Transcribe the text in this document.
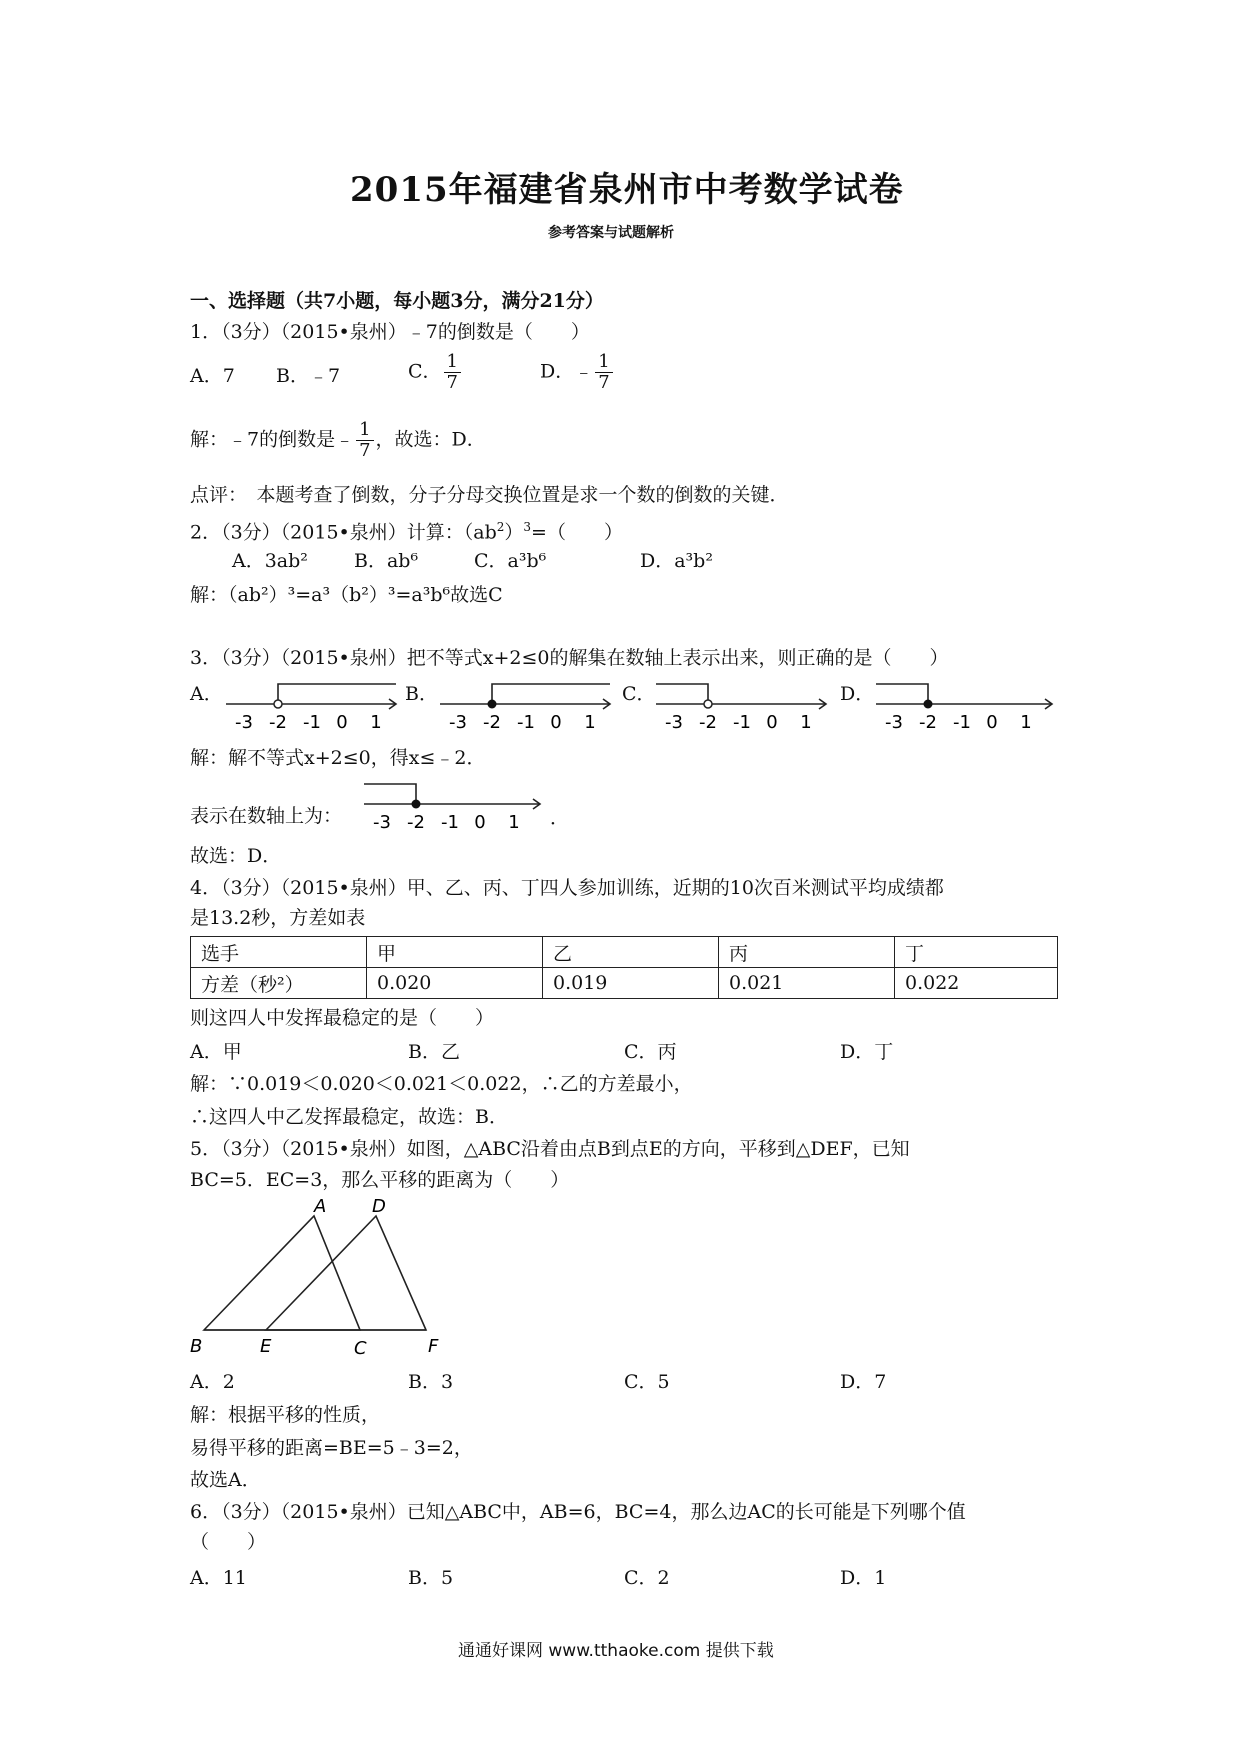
2015年福建省泉州市中考数学试卷
参考答案与试题解析
一、选择题（共7小题，每小题3分，满分21分）
1．（3分）（2015•泉州）﹣7的倒数是（　　）
A．7 B．﹣7	C． $\frac{1}{7}$	D．﹣ $\frac{1}{7}$
解：﹣7的倒数是﹣ $\frac{1}{7}$ ，故选：D．
点评：　本题考查了倒数，分子分母交换位置是求一个数的倒数的关键．
2．（3分）（2015•泉州）计算：$(ab^2)^3=$（　　）
A．3ab² B．ab⁶	C．a³b⁶	D．a³b²
解：（ab²）³=a³（b²）³=a³b⁶故选C
3．（3分）（2015•泉州）把不等式x+2≤0的解集在数轴上表示出来，则正确的是（　　）
A．	B．	C．	D．
-3 -2 -1 0 1	-3 -2 -1 0 1	-3 -2 -1 0 1	-3 -2 -1 0 1
解：解不等式x+2≤0，得x≤﹣2．
表示在数轴上为： -3 -2 -1 0 1 ．
故选：D．
4．（3分）（2015•泉州）甲、乙、丙、丁四人参加训练，近期的10次百米测试平均成绩都
是13.2秒，方差如表
选手	甲	乙	丙	丁
方差（秒²）	0.020	0.019	0.021	0.022
则这四人中发挥最稳定的是（　　）
A．甲	B．乙	C．丙	D．丁
解：∵0.019＜0.020＜0.021＜0.022，∴乙的方差最小，
∴这四人中乙发挥最稳定，故选：B．
5．（3分）（2015•泉州）如图，△ABC沿着由点B到点E的方向，平移到△DEF，已知
BC=5．EC=3，那么平移的距离为（　　）
A	D
B	E	C	F
A．2	B．3	C．5	D．7
解：根据平移的性质，
易得平移的距离=BE=5﹣3=2，
故选A．
6．（3分）（2015•泉州）已知△ABC中，AB=6，BC=4，那么边AC的长可能是下列哪个值
（　　）
A．11	B．5	C．2	D．1
通通好课网 www.tthaoke.com 提供下载
